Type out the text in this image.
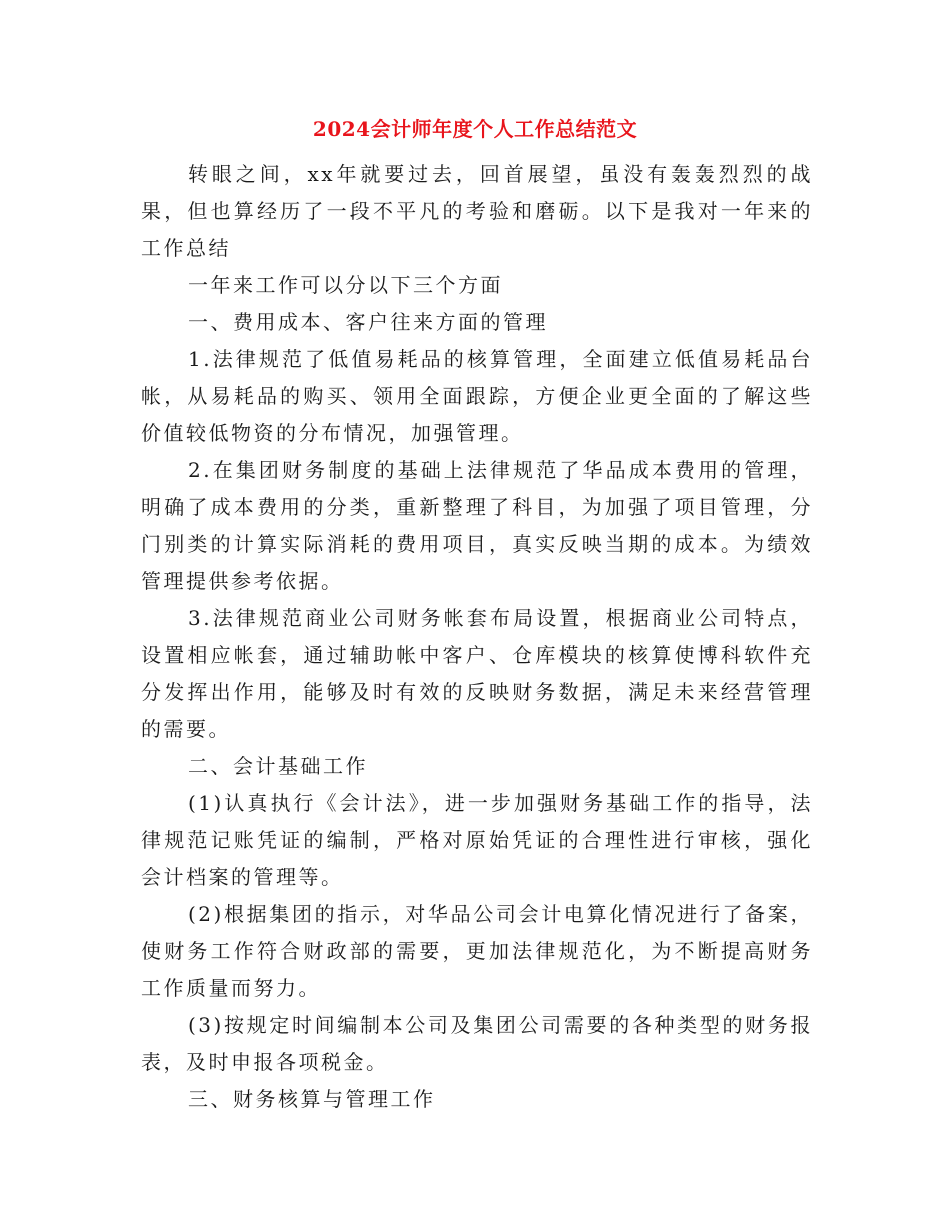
2024会计师年度个人工作总结范文

转眼之间，xx年就要过去，回首展望，虽没有轰轰烈烈的战果，但也算经历了一段不平凡的考验和磨砺。以下是我对一年来的工作总结

一年来工作可以分以下三个方面

一、费用成本、客户往来方面的管理

1.法律规范了低值易耗品的核算管理，全面建立低值易耗品台帐，从易耗品的购买、领用全面跟踪，方便企业更全面的了解这些价值较低物资的分布情况，加强管理。

2.在集团财务制度的基础上法律规范了华品成本费用的管理，明确了成本费用的分类，重新整理了科目，为加强了项目管理，分门别类的计算实际消耗的费用项目，真实反映当期的成本。为绩效管理提供参考依据。

3.法律规范商业公司财务帐套布局设置，根据商业公司特点，设置相应帐套，通过辅助帐中客户、仓库模块的核算使博科软件充分发挥出作用，能够及时有效的反映财务数据，满足未来经营管理的需要。

二、会计基础工作

(1)认真执行《会计法》，进一步加强财务基础工作的指导，法律规范记账凭证的编制，严格对原始凭证的合理性进行审核，强化会计档案的管理等。

(2)根据集团的指示，对华品公司会计电算化情况进行了备案，使财务工作符合财政部的需要，更加法律规范化，为不断提高财务工作质量而努力。

(3)按规定时间编制本公司及集团公司需要的各种类型的财务报表，及时申报各项税金。

三、财务核算与管理工作
